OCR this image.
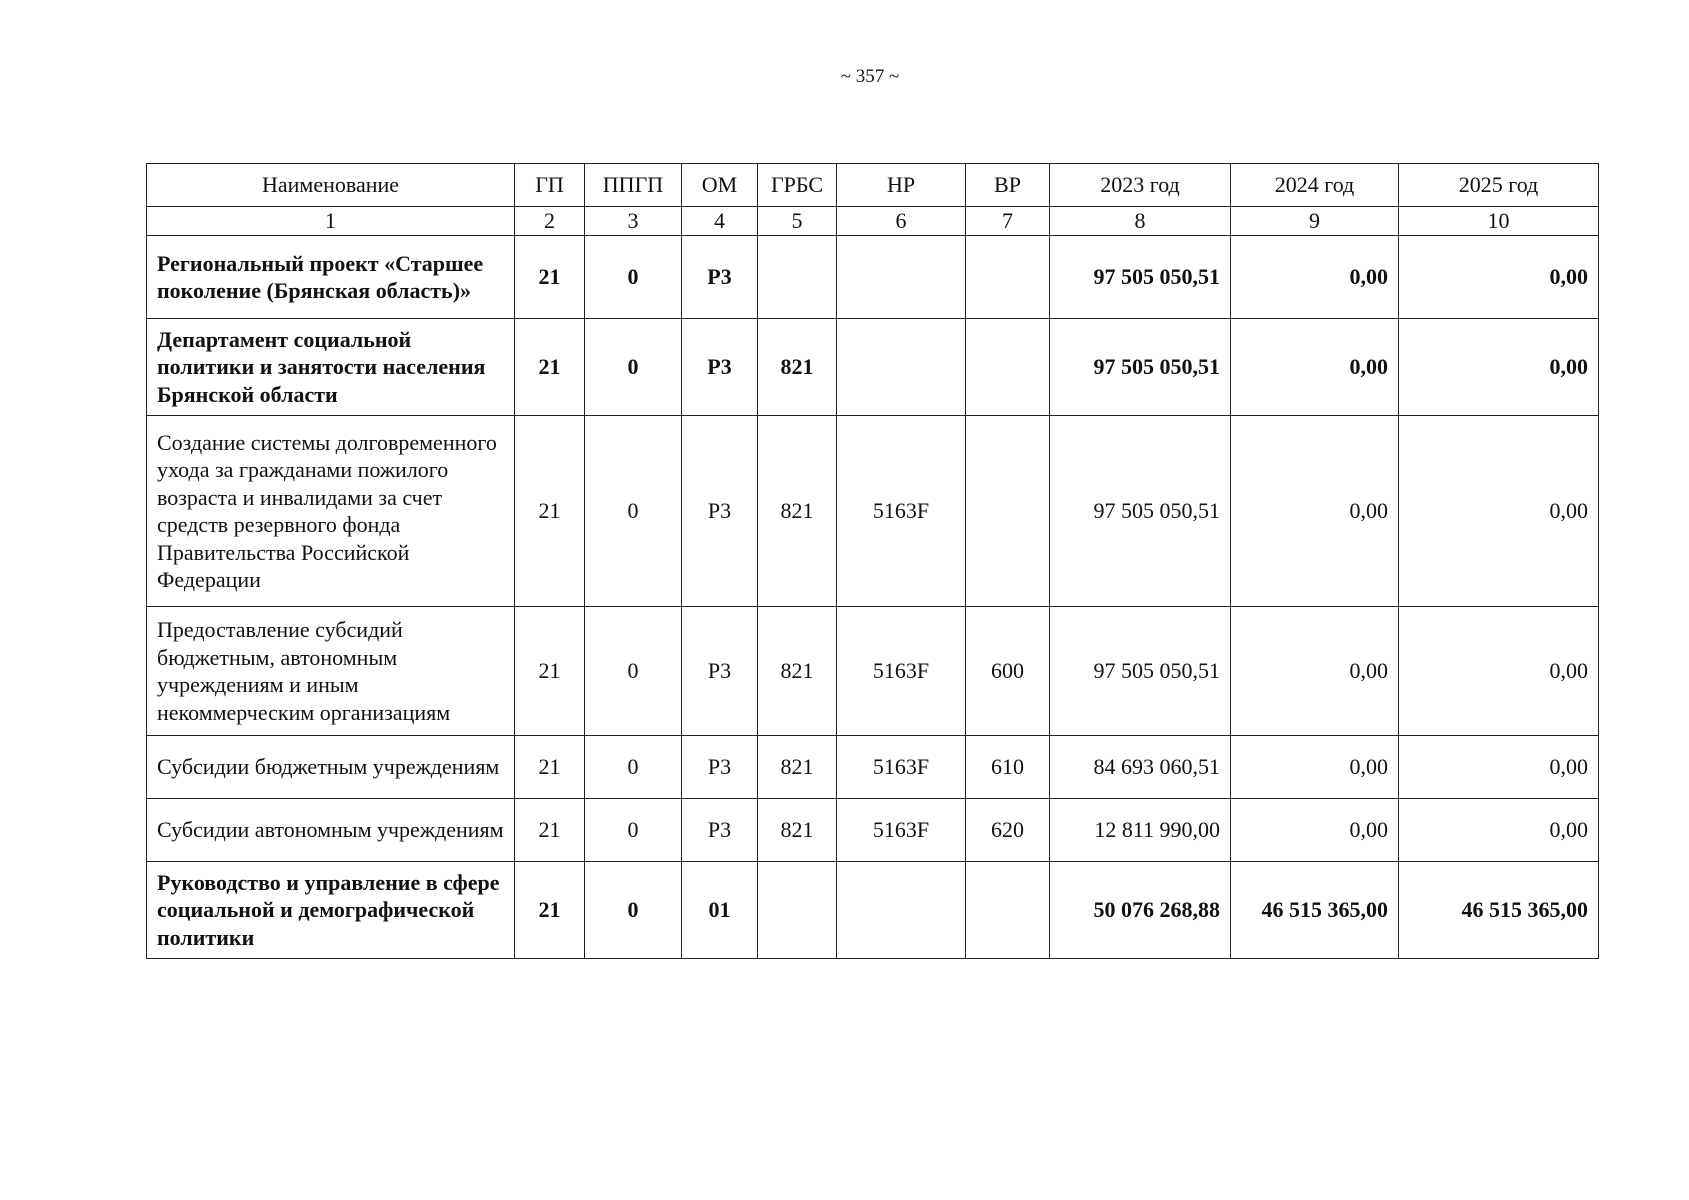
~ 357 ~
Наименование	ГП	ППГП	ОМ	ГРБС	НР	ВР	2023 год	2024 год	2025 год
1	2	3	4	5	6	7	8	9	10
Региональный проект «Старшее поколение (Брянская область)»	21	0	Р3				97 505 050,51	0,00	0,00
Департамент социальной политики и занятости населения Брянской области	21	0	Р3	821			97 505 050,51	0,00	0,00
Создание системы долговременного ухода за гражданами пожилого возраста и инвалидами за счет средств резервного фонда Правительства Российской Федерации	21	0	Р3	821	5163F		97 505 050,51	0,00	0,00
Предоставление субсидий бюджетным, автономным учреждениям и иным некоммерческим организациям	21	0	Р3	821	5163F	600	97 505 050,51	0,00	0,00
Субсидии бюджетным учреждениям	21	0	Р3	821	5163F	610	84 693 060,51	0,00	0,00
Субсидии автономным учреждениям	21	0	Р3	821	5163F	620	12 811 990,00	0,00	0,00
Руководство и управление в сфере социальной и демографической политики	21	0	01				50 076 268,88	46 515 365,00	46 515 365,00
